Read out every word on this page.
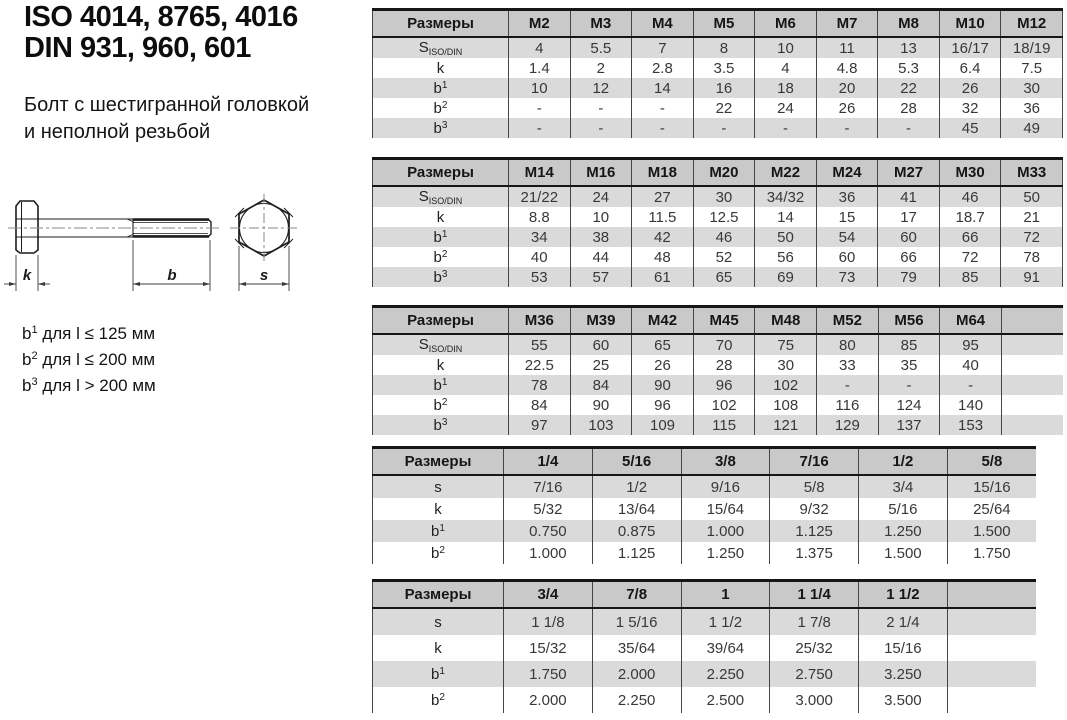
ISO 4014, 8765, 4016
DIN 931, 960, 601
Болт с шестигранной головкой
и неполной резьбой
k	b	s
b$^1$ для l ≤ 125 мм
b$^2$ для l ≤ 200 мм
b$^3$ для l > 200 мм
Размеры	M2	M3	M4	M5	M6	M7	M8	M10	M12
$S_{ISO/DIN}$	4	5.5	7	8	10	11	13	16/17	18/19
k	1.4	2	2.8	3.5	4	4.8	5.3	6.4	7.5
$b^1$	10	12	14	16	18	20	22	26	30
$b^2$	-	-	-	22	24	26	28	32	36
$b^3$	-	-	-	-	-	-	-	45	49
Размеры	M14	M16	M18	M20	M22	M24	M27	M30	M33
$S_{ISO/DIN}$	21/22	24	27	30	34/32	36	41	46	50
k	8.8	10	11.5	12.5	14	15	17	18.7	21
$b^1$	34	38	42	46	50	54	60	66	72
$b^2$	40	44	48	52	56	60	66	72	78
$b^3$	53	57	61	65	69	73	79	85	91
Размеры	M36	M39	M42	M45	M48	M52	M56	M64	
$S_{ISO/DIN}$	55	60	65	70	75	80	85	95	
k	22.5	25	26	28	30	33	35	40	
$b^1$	78	84	90	96	102	-	-	-	
$b^2$	84	90	96	102	108	116	124	140	
$b^3$	97	103	109	115	121	129	137	153	
Размеры	1/4	5/16	3/8	7/16	1/2	5/8
s	7/16	1/2	9/16	5/8	3/4	15/16
k	5/32	13/64	15/64	9/32	5/16	25/64
$b^1$	0.750	0.875	1.000	1.125	1.250	1.500
$b^2$	1.000	1.125	1.250	1.375	1.500	1.750
Размеры	3/4	7/8	1	1 1/4	1 1/2	
s	1 1/8	1 5/16	1 1/2	1 7/8	2 1/4	
k	15/32	35/64	39/64	25/32	15/16	
$b^1$	1.750	2.000	2.250	2.750	3.250	
$b^2$	2.000	2.250	2.500	3.000	3.500	
